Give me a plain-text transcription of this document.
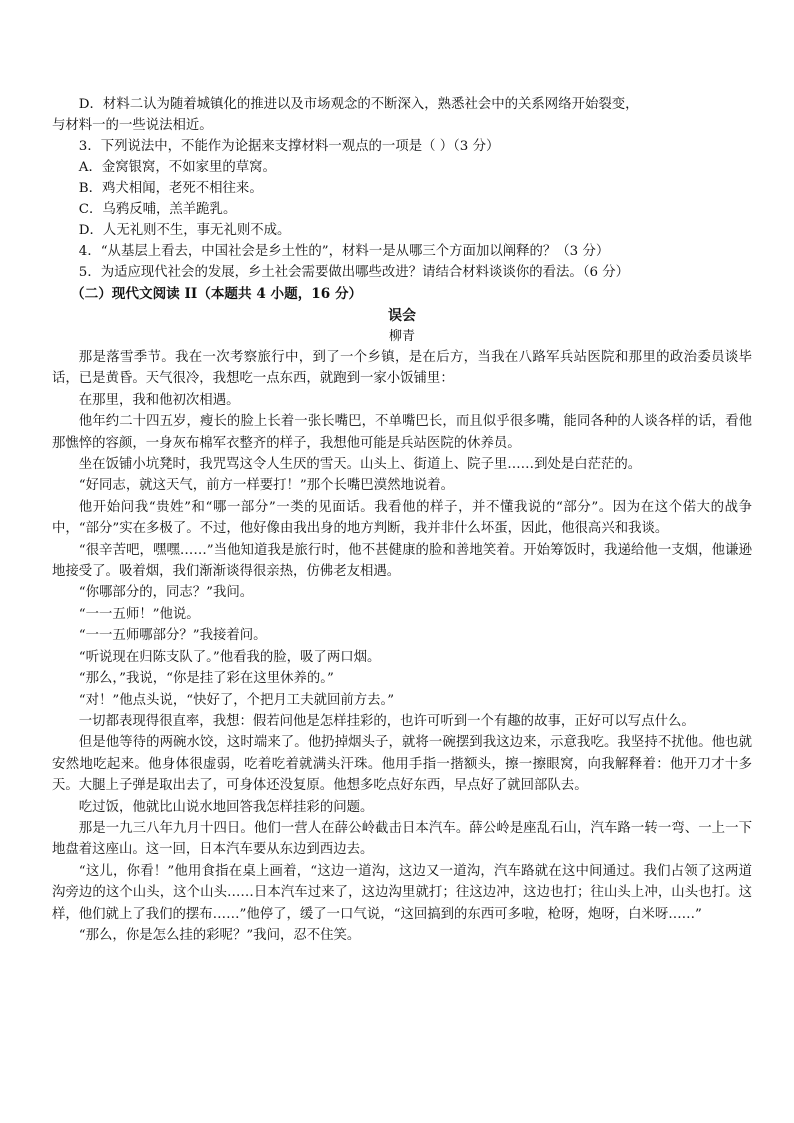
D．材料二认为随着城镇化的推进以及市场观念的不断深入，熟悉社会中的关系网络开始裂变，
与材料一的一些说法相近。
3．下列说法中，不能作为论据来支撑材料一观点的一项是（ ）（3 分）
A．金窝银窝，不如家里的草窝。
B．鸡犬相闻，老死不相往来。
C．乌鸦反哺，羔羊跪乳。
D．人无礼则不生，事无礼则不成。
4．“从基层上看去，中国社会是乡土性的”，材料一是从哪三个方面加以阐释的？（3 分）
5．为适应现代社会的发展，乡土社会需要做出哪些改进？请结合材料谈谈你的看法。（6 分）
（二）现代文阅读 II（本题共 4 小题，16 分）
误会
柳青

那是落雪季节。我在一次考察旅行中，到了一个乡镇，是在后方，当我在八路军兵站医院和那里的政治委员谈毕话，已是黄昏。天气很冷，我想吃一点东西，就跑到一家小饭铺里：

在那里，我和他初次相遇。

他年约二十四五岁，瘦长的脸上长着一张长嘴巴，不单嘴巴长，而且似乎很多嘴，能同各种的人谈各样的话，看他那憔悴的容颜，一身灰布棉军衣整齐的样子，我想他可能是兵站医院的休养员。

坐在饭铺小坑凳时，我咒骂这令人生厌的雪天。山头上、街道上、院子里……到处是白茫茫的。

“好同志，就这天气，前方一样要打！”那个长嘴巴漠然地说着。

他开始问我“贵姓”和“哪一部分”一类的见面话。我看他的样子，并不懂我说的“部分”。因为在这个偌大的战争中，“部分”实在多极了。不过，他好像由我出身的地方判断，我并非什么坏蛋，因此，他很高兴和我谈。

“很辛苦吧，嘿嘿……”当他知道我是旅行时，他不甚健康的脸和善地笑着。开始筹饭时，我递给他一支烟，他谦逊地接受了。吸着烟，我们渐渐谈得很亲热，仿佛老友相遇。

“你哪部分的，同志？”我问。

“一一五师！”他说。

“一一五师哪部分？”我接着问。

“听说现在归陈支队了。”他看我的脸，吸了两口烟。

“那么，”我说，“你是挂了彩在这里休养的。”

“对！”他点头说，“快好了，个把月工夫就回前方去。”

一切都表现得很直率，我想：假若问他是怎样挂彩的，也许可听到一个有趣的故事，正好可以写点什么。

但是他等待的两碗水饺，这时端来了。他扔掉烟头子，就将一碗摆到我这边来，示意我吃。我坚持不扰他。他也就安然地吃起来。他身体很虚弱，吃着吃着就满头汗珠。他用手指一揩额头，擦一擦眼窝，向我解释着：他开刀才十多天。大腿上子弹是取出去了，可身体还没复原。他想多吃点好东西，早点好了就回部队去。

吃过饭，他就比山说水地回答我怎样挂彩的问题。

那是一九三八年九月十四日。他们一营人在薛公岭截击日本汽车。薛公岭是座乱石山，汽车路一转一弯、一上一下地盘着这座山。这一回，日本汽车要从东边到西边去。

“这儿，你看！”他用食指在桌上画着，“这边一道沟，这边又一道沟，汽车路就在这中间通过。我们占领了这两道沟旁边的这个山头，这个山头……日本汽车过来了，这边沟里就打；往这边冲，这边也打；往山头上冲，山头也打。这样，他们就上了我们的摆布……”他停了，缓了一口气说，“这回搞到的东西可多啦，枪呀，炮呀，白米呀……”

“那么，你是怎么挂的彩呢？”我问，忍不住笑。
